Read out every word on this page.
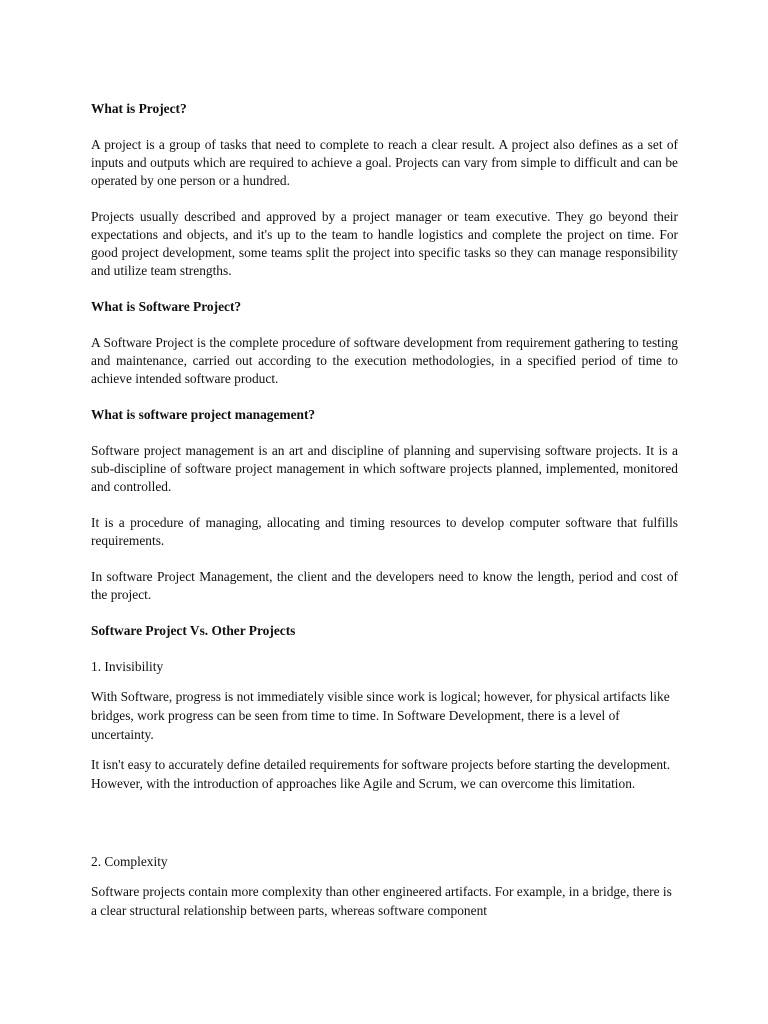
What is Project?

A project is a group of tasks that need to complete to reach a clear result. A project also defines as a set of inputs and outputs which are required to achieve a goal. Projects can vary from simple to difficult and can be operated by one person or a hundred.

Projects usually described and approved by a project manager or team executive. They go beyond their expectations and objects, and it's up to the team to handle logistics and complete the project on time. For good project development, some teams split the project into specific tasks so they can manage responsibility and utilize team strengths.

What is Software Project?

A Software Project is the complete procedure of software development from requirement gathering to testing and maintenance, carried out according to the execution methodologies, in a specified period of time to achieve intended software product.

What is software project management?

Software project management is an art and discipline of planning and supervising software projects. It is a sub-discipline of software project management in which software projects planned, implemented, monitored and controlled.

It is a procedure of managing, allocating and timing resources to develop computer software that fulfills requirements.

In software Project Management, the client and the developers need to know the length, period and cost of the project.

Software Project Vs. Other Projects

1. Invisibility

With Software, progress is not immediately visible since work is logical; however, for physical artifacts like bridges, work progress can be seen from time to time. In Software Development, there is a level of uncertainty.

It isn't easy to accurately define detailed requirements for software projects before starting the development. However, with the introduction of approaches like Agile and Scrum, we can overcome this limitation.

2. Complexity

Software projects contain more complexity than other engineered artifacts. For example, in a bridge, there is a clear structural relationship between parts, whereas software component
